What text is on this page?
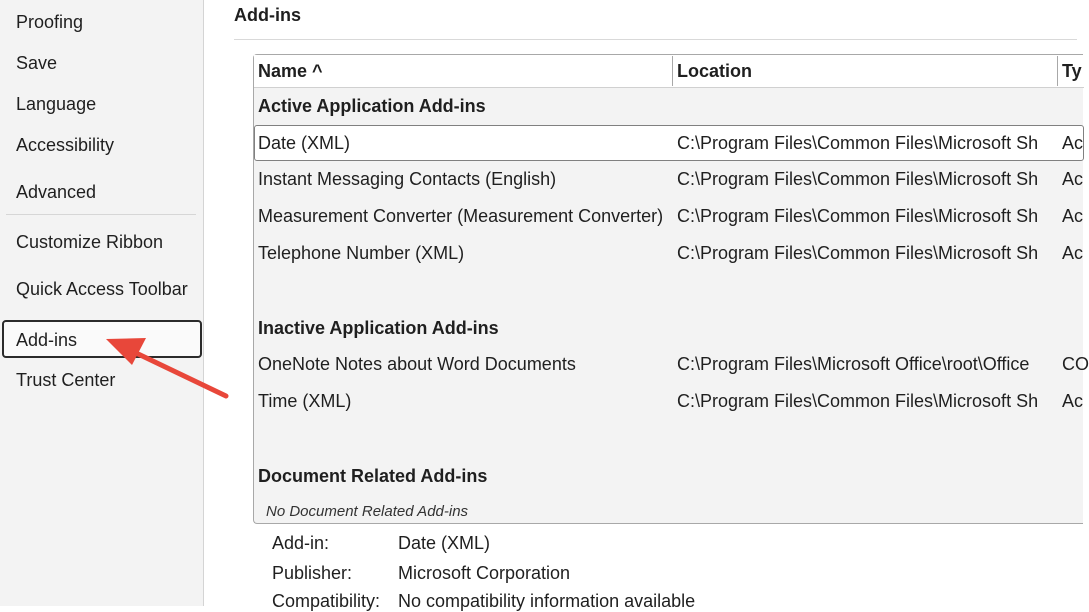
Proofing
Save
Language
Accessibility
Advanced
Customize Ribbon
Quick Access Toolbar
Add-ins
Trust Center
Add-ins
Name ^	Location	Ty
Active Application Add-ins
Date (XML)	C:\Program Files\Common Files\Microsoft Sh	Ac
Instant Messaging Contacts (English)	C:\Program Files\Common Files\Microsoft Sh	Ac
Measurement Converter (Measurement Converter) C:\Program Files\Common Files\Microsoft Sh	Ac
Telephone Number (XML)	C:\Program Files\Common Files\Microsoft Sh	Ac
Inactive Application Add-ins
OneNote Notes about Word Documents	C:\Program Files\Microsoft Office\root\Office	CO
Time (XML)	C:\Program Files\Common Files\Microsoft Sh	Ac
Document Related Add-ins
No Document Related Add-ins
Add-in:	Date (XML)
Publisher:	Microsoft Corporation
Compatibility: No compatibility information available
